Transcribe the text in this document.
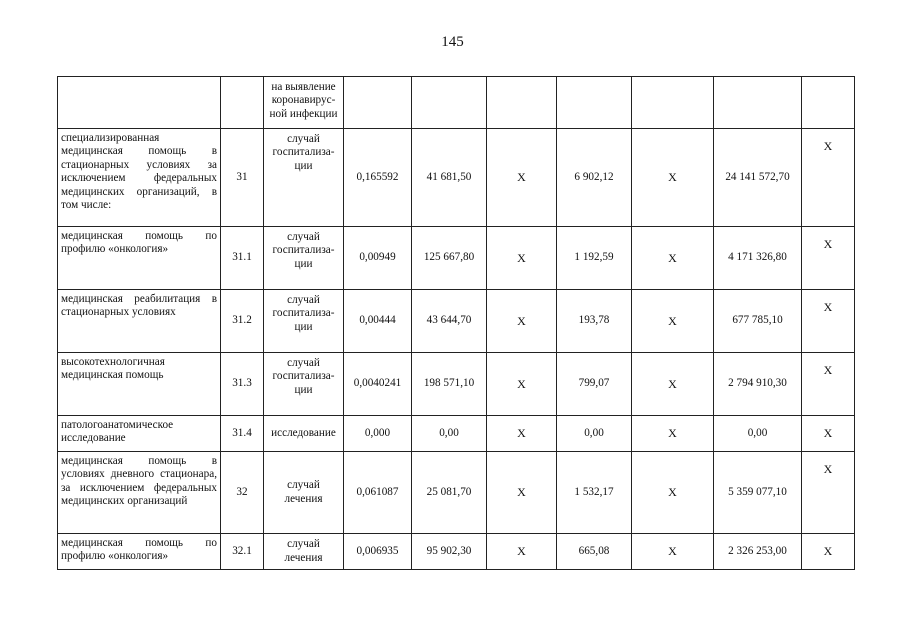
145

		на выявление
коронавирус-
ной инфекции							

специализированная медицинская помощь в стационарных условиях за исключением федеральных медицинских организаций, в том числе:	31	случай
госпитализа-
ции	0,165592	41 681,50	X	6 902,12	X	24 141 572,70	X
медицинская помощь по профилю «онкология»	31.1	случай
госпитализа-
ции	0,00949	125 667,80	X	1 192,59	X	4 171 326,80	X
медицинская реабилитация в стационарных условиях	31.2	случай
госпитализа-
ции	0,00444	43 644,70	X	193,78	X	677 785,10	X
высокотехнологичная медицинская помощь	31.3	случай
госпитализа-
ции	0,0040241	198 571,10	X	799,07	X	2 794 910,30	X
патологоанатомическое исследование	31.4	исследование	0,000	0,00	X	0,00	X	0,00	X
медицинская помощь в условиях дневного стационара, за исключением федеральных медицинских организаций	32	случай
лечения	0,061087	25 081,70	X	1 532,17	X	5 359 077,10	X
медицинская помощь по профилю «онкология»	32.1	случай
лечения	0,006935	95 902,30	X	665,08	X	2 326 253,00	X
